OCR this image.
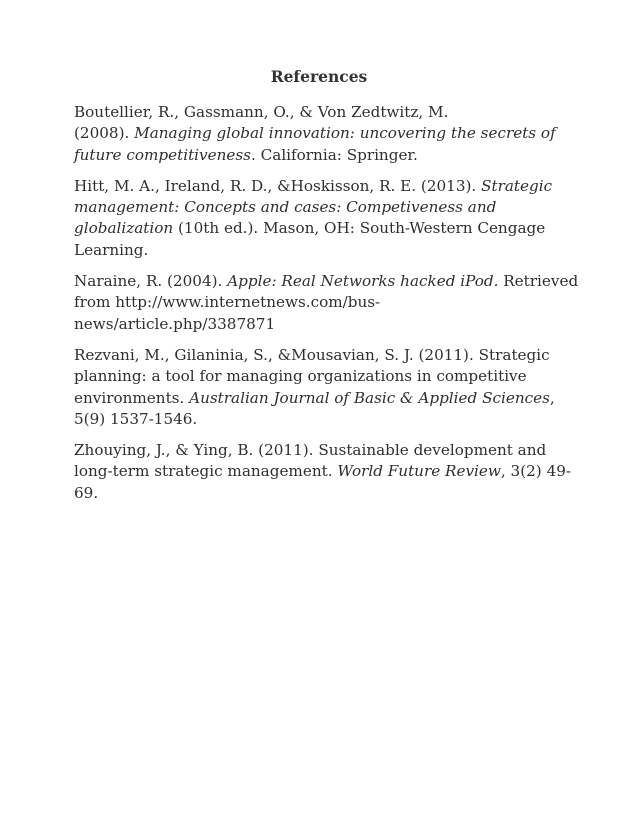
References
Boutellier, R., Gassmann, O., & Von Zedtwitz, M.
(2008). Managing global innovation: uncovering the secrets of
future competitiveness. California: Springer.
Hitt, M. A., Ireland, R. D., &Hoskisson, R. E. (2013). Strategic
management: Concepts and cases: Competiveness and
globalization (10th ed.). Mason, OH: South-Western Cengage
Learning.
Naraine, R. (2004). Apple: Real Networks hacked iPod. Retrieved
from http://www.internetnews.com/bus-
news/article.php/3387871
Rezvani, M., Gilaninia, S., &Mousavian, S. J. (2011). Strategic
planning: a tool for managing organizations in competitive
environments. Australian Journal of Basic & Applied Sciences,
5(9) 1537-1546.
Zhouying, J., & Ying, B. (2011). Sustainable development and
long-term strategic management. World Future Review, 3(2) 49-
69.
